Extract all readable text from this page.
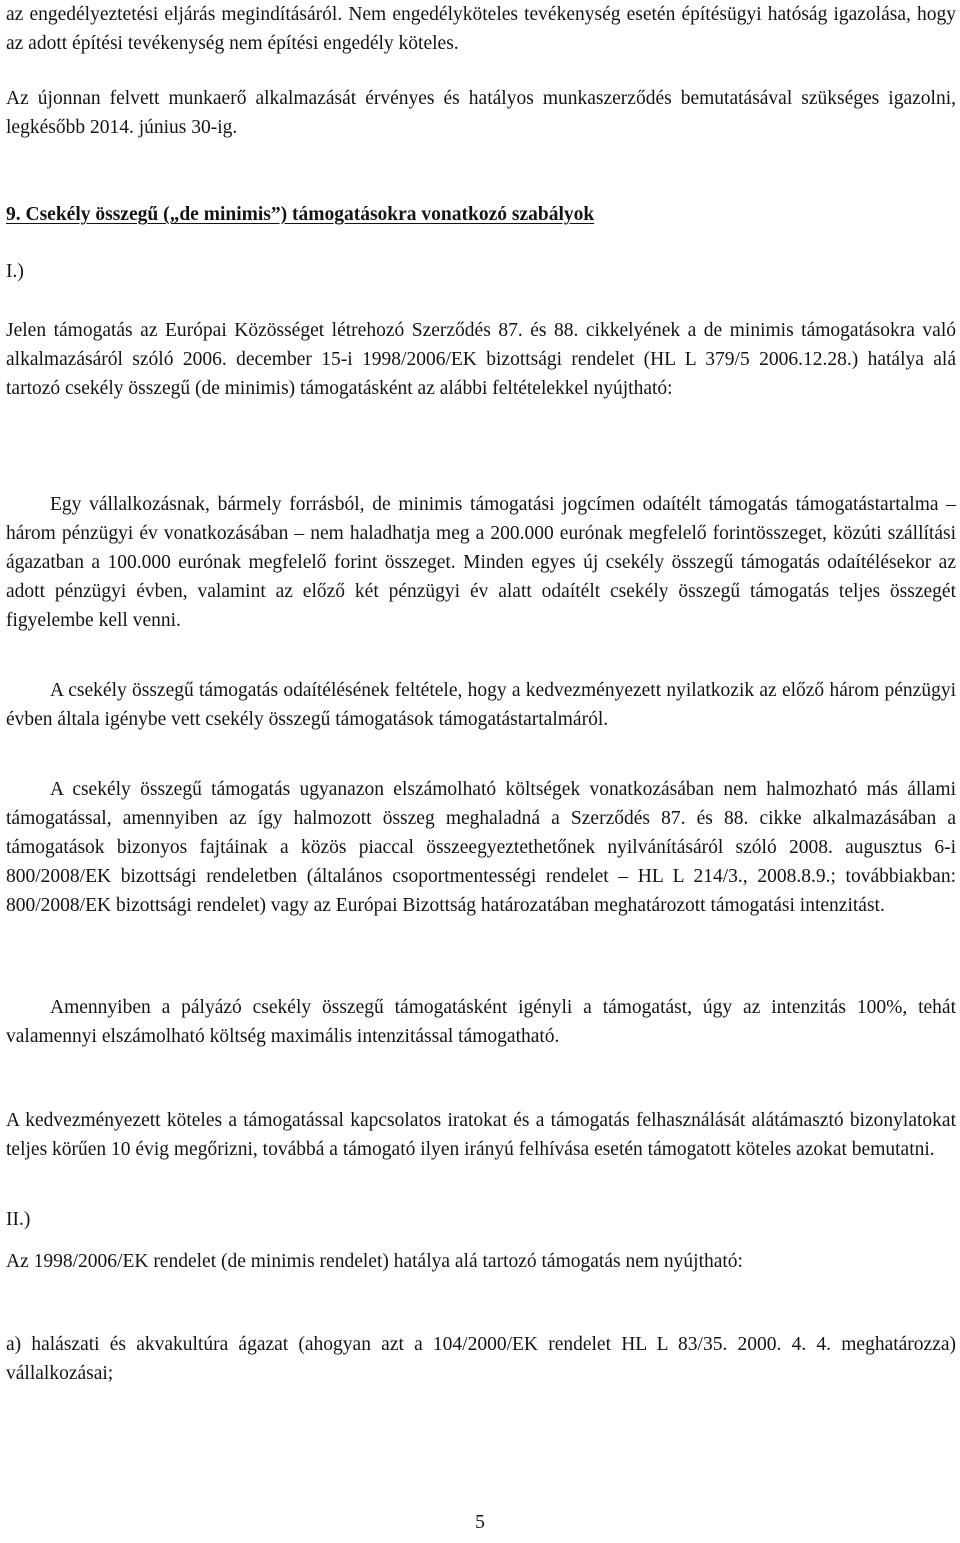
az engedélyeztetési eljárás megindításáról. Nem engedélyköteles tevékenység esetén építésügyi hatóság igazolása, hogy az adott építési tevékenység nem építési engedély köteles.

Az újonnan felvett munkaerő alkalmazását érvényes és hatályos munkaszerződés bemutatásával szükséges igazolni, legkésőbb 2014. június 30-ig.

9. Csekély összegű („de minimis”) támogatásokra vonatkozó szabályok

I.)

Jelen támogatás az Európai Közösséget létrehozó Szerződés 87. és 88. cikkelyének a de minimis támogatásokra való alkalmazásáról szóló 2006. december 15-i 1998/2006/EK bizottsági rendelet (HL L 379/5 2006.12.28.) hatálya alá tartozó csekély összegű (de minimis) támogatásként az alábbi feltételekkel nyújtható:

Egy vállalkozásnak, bármely forrásból, de minimis támogatási jogcímen odaítélt támogatás támogatástartalma – három pénzügyi év vonatkozásában – nem haladhatja meg a 200.000 eurónak megfelelő forintösszeget, közúti szállítási ágazatban a 100.000 eurónak megfelelő forint összeget. Minden egyes új csekély összegű támogatás odaítélésekor az adott pénzügyi évben, valamint az előző két pénzügyi év alatt odaítélt csekély összegű támogatás teljes összegét figyelembe kell venni.

A csekély összegű támogatás odaítélésének feltétele, hogy a kedvezményezett nyilatkozik az előző három pénzügyi évben általa igénybe vett csekély összegű támogatások támogatástartalmáról.

A csekély összegű támogatás ugyanazon elszámolható költségek vonatkozásában nem halmozható más állami támogatással, amennyiben az így halmozott összeg meghaladná a Szerződés 87. és 88. cikke alkalmazásában a támogatások bizonyos fajtáinak a közös piaccal összeegyeztethetőnek nyilvánításáról szóló 2008. augusztus 6-i 800/2008/EK bizottsági rendeletben (általános csoportmentességi rendelet – HL L 214/3., 2008.8.9.; továbbiakban: 800/2008/EK bizottsági rendelet) vagy az Európai Bizottság határozatában meghatározott támogatási intenzitást.

Amennyiben a pályázó csekély összegű támogatásként igényli a támogatást, úgy az intenzitás 100%, tehát valamennyi elszámolható költség maximális intenzitással támogatható.

A kedvezményezett köteles a támogatással kapcsolatos iratokat és a támogatás felhasználását alátámasztó bizonylatokat teljes körűen 10 évig megőrizni, továbbá a támogató ilyen irányú felhívása esetén támogatott köteles azokat bemutatni.

II.)

Az 1998/2006/EK rendelet (de minimis rendelet) hatálya alá tartozó támogatás nem nyújtható:

a) halászati és akvakultúra ágazat (ahogyan azt a 104/2000/EK rendelet HL L 83/35. 2000. 4. 4. meghatározza) vállalkozásai;

5
